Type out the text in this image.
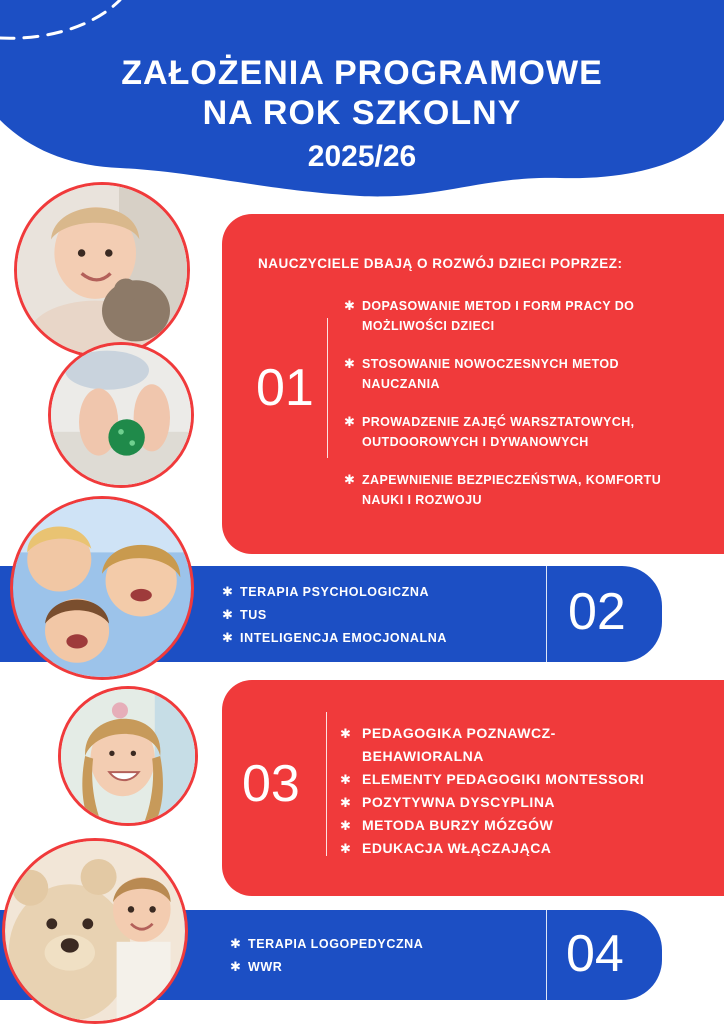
ZAŁOŻENIA PROGRAMOWE
NA ROK SZKOLNY
2025/26
NAUCZYCIELE DBAJĄ O ROZWÓJ DZIECI POPRZEZ:
01
✱ DOPASOWANIE METOD I FORM PRACY DO MOŻLIWOŚCI DZIECI
✱ STOSOWANIE NOWOCZESNYCH METOD NAUCZANIA
✱ PROWADZENIE ZAJĘĆ WARSZTATOWYCH, OUTDOOROWYCH I DYWANOWYCH
✱ ZAPEWNIENIE BEZPIECZEŃSTWA, KOMFORTU NAUKI I ROZWOJU
✱ TERAPIA PSYCHOLOGICZNA
✱ TUS
✱ INTELIGENCJA EMOCJONALNA 02
03
✱ PEDAGOGIKA POZNAWCZ-BEHAWIORALNA
✱ ELEMENTY PEDAGOGIKI MONTESSORI
✱ POZYTYWNA DYSCYPLINA
✱ METODA BURZY MÓZGÓW
✱ EDUKACJA WŁĄCZAJĄCA
✱ TERAPIA LOGOPEDYCZNA
✱ WWR	04
